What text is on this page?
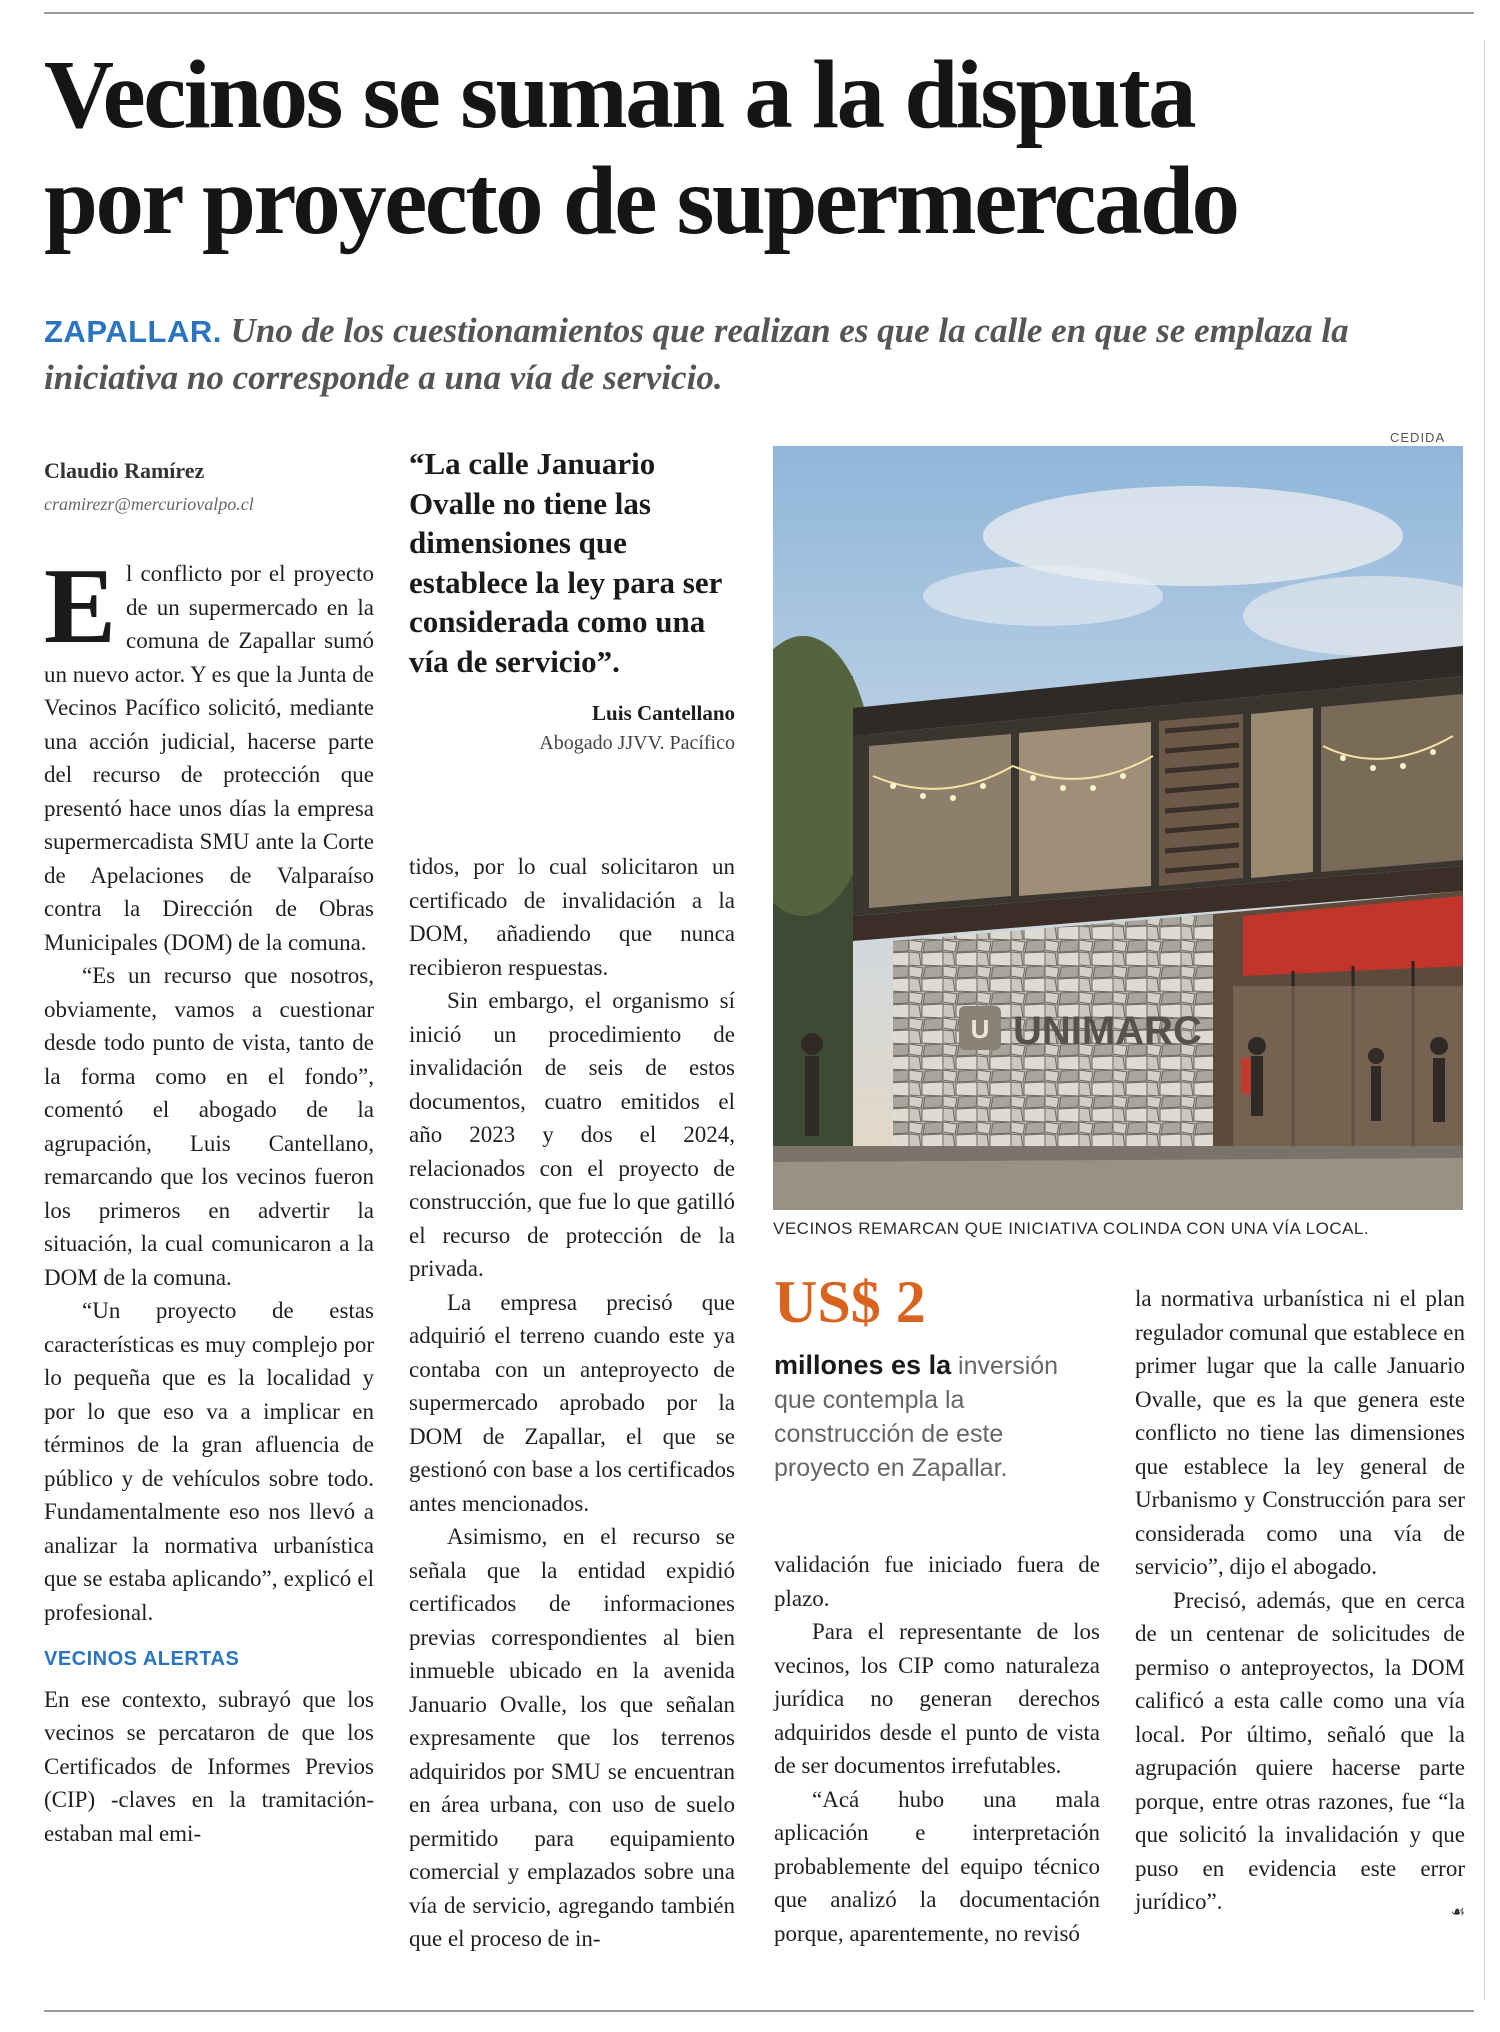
Vecinos se suman a la disputa
por proyecto de supermercado

ZAPALLAR. Uno de los cuestionamientos que realizan es que la calle en que se emplaza la iniciativa no corresponde a una vía de servicio.

Claudio Ramírez
cramirezr@mercuriovalpo.cl

El conflicto por el proyecto de un supermercado en la comuna de Zapallar sumó un nuevo actor. Y es que la Junta de Vecinos Pacífico solicitó, mediante una acción judicial, hacerse parte del recurso de protección que presentó hace unos días la empresa supermercadista SMU ante la Corte de Apelaciones de Valparaíso contra la Dirección de Obras Municipales (DOM) de la comuna.

“Es un recurso que nosotros, obviamente, vamos a cuestionar desde todo punto de vista, tanto de la forma como en el fondo”, comentó el abogado de la agrupación, Luis Cantellano, remarcando que los vecinos fueron los primeros en advertir la situación, la cual comunicaron a la DOM de la comuna.

“Un proyecto de estas características es muy complejo por lo pequeña que es la localidad y por lo que eso va a implicar en términos de la gran afluencia de público y de vehículos sobre todo. Fundamentalmente eso nos llevó a analizar la normativa urbanística que se estaba aplicando”, explicó el profesional.

VECINOS ALERTAS

En ese contexto, subrayó que los vecinos se percataron de que los Certificados de Informes Previos (CIP) -claves en la tramitación- estaban mal emi-

“La calle Januario Ovalle no tiene las dimensiones que establece la ley para ser considerada como una vía de servicio”.

Luis Cantellano
Abogado JJVV. Pacífico

tidos, por lo cual solicitaron un certificado de invalidación a la DOM, añadiendo que nunca recibieron respuestas.

Sin embargo, el organismo sí inició un procedimiento de invalidación de seis de estos documentos, cuatro emitidos el año 2023 y dos el 2024, relacionados con el proyecto de construcción, que fue lo que gatilló el recurso de protección de la privada.

La empresa precisó que adquirió el terreno cuando este ya contaba con un anteproyecto de supermercado aprobado por la DOM de Zapallar, el que se gestionó con base a los certificados antes mencionados.

Asimismo, en el recurso se señala que la entidad expidió certificados de informaciones previas correspondientes al bien inmueble ubicado en la avenida Januario Ovalle, los que señalan expresamente que los terrenos adquiridos por SMU se encuentran en área urbana, con uso de suelo permitido para equipamiento comercial y emplazados sobre una vía de servicio, agregando también que el proceso de in-

CEDIDA
U UNIMARC
VECINOS REMARCAN QUE INICIATIVA COLINDA CON UNA VÍA LOCAL.
US$ 2
millones es la inversión que contempla la construcción de este proyecto en Zapallar.

validación fue iniciado fuera de plazo.

Para el representante de los vecinos, los CIP como naturaleza jurídica no generan derechos adquiridos desde el punto de vista de ser documentos irrefutables.

“Acá hubo una mala aplicación e interpretación probablemente del equipo técnico que analizó la documentación porque, aparentemente, no revisó

la normativa urbanística ni el plan regulador comunal que establece en primer lugar que la calle Januario Ovalle, que es la que genera este conflicto no tiene las dimensiones que establece la ley general de Urbanismo y Construcción para ser considerada como una vía de servicio”, dijo el abogado.

Precisó, además, que en cerca de un centenar de solicitudes de permiso o anteproyectos, la DOM calificó a esta calle como una vía local. Por último, señaló que la agrupación quiere hacerse parte porque, entre otras razones, fue “la que solicitó la invalidación y que puso en evidencia este error jurídico”.	☙
